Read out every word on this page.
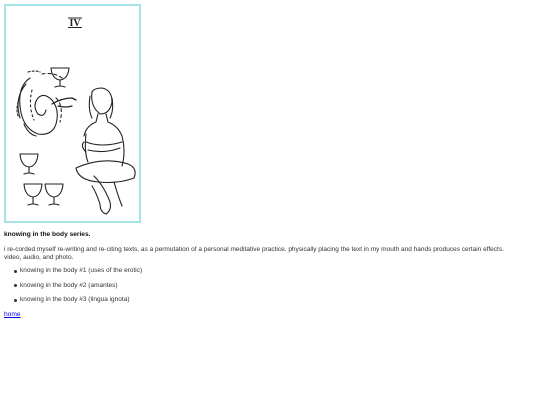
IV

knowing in the body series.

i re-corded myself re-writing and re-citing texts, as a permutation of a personal meditative practice. physically placing the text in my mouth and hands produces certain effects.
video, audio, and photo.

knowing in the body #1 (uses of the erotic)
knowing in the body #2 (amantes)
knowing in the body #3 (lingua ignota)
home
